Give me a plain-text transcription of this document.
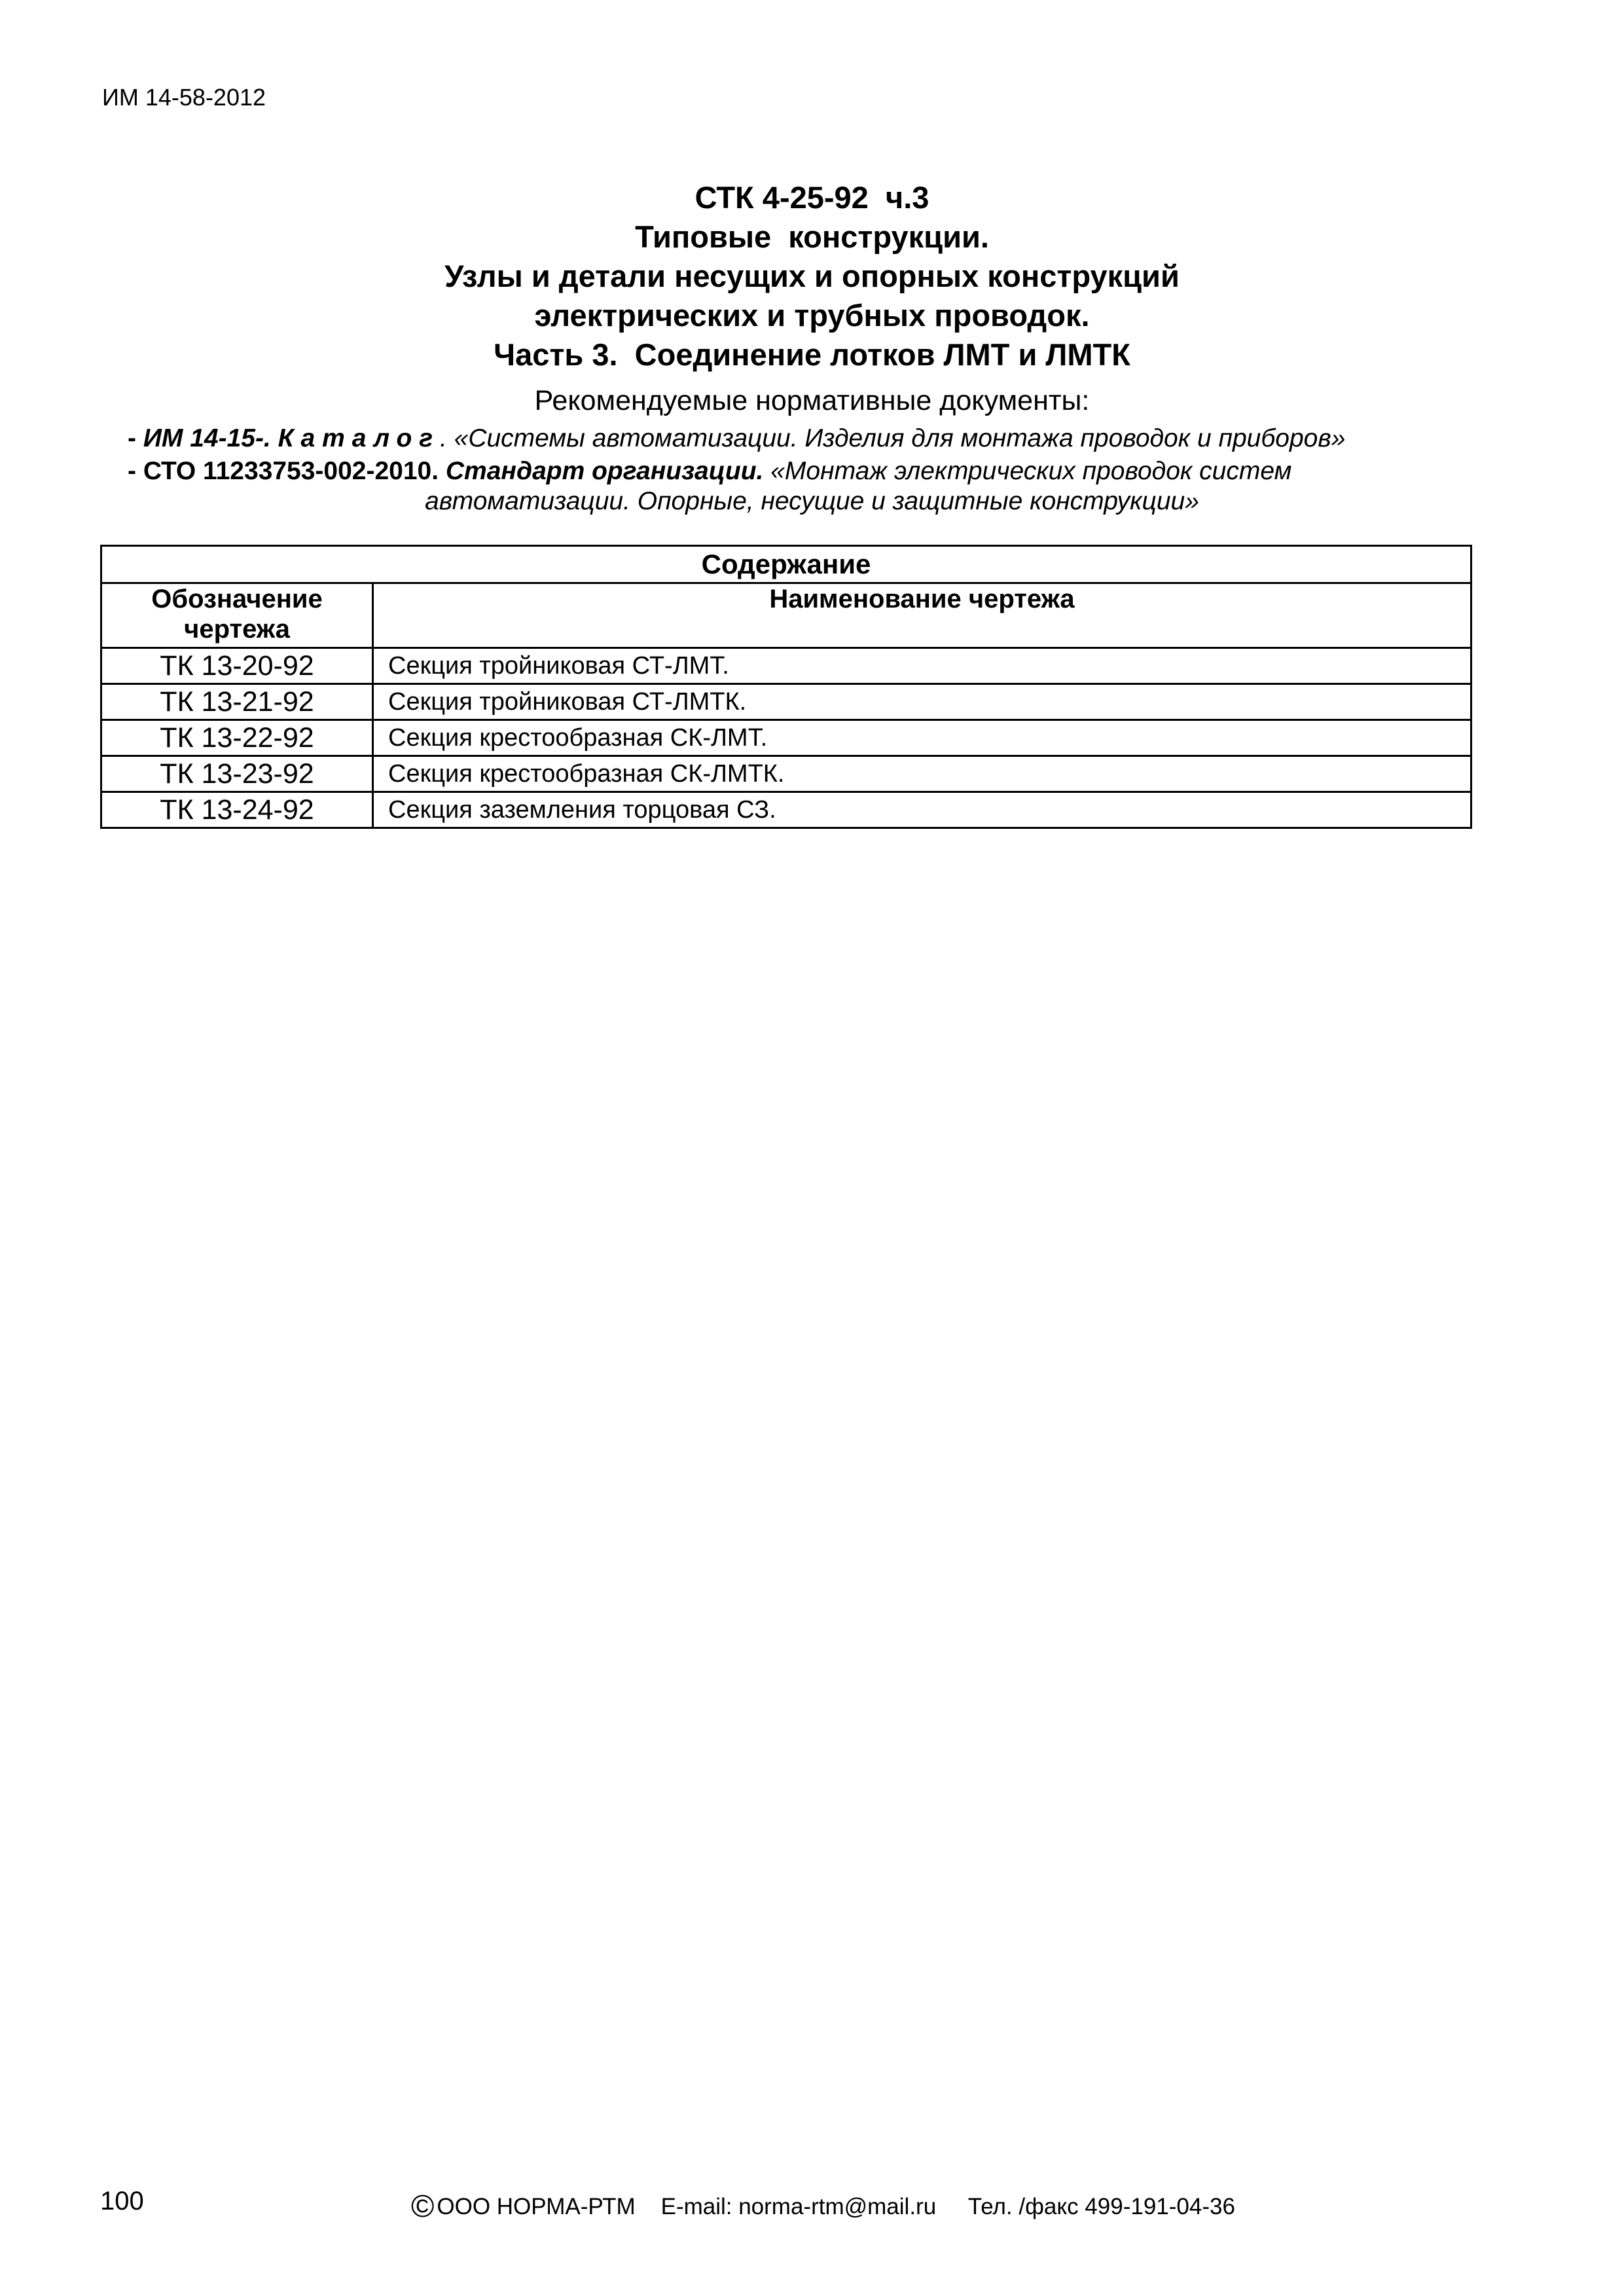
ИМ 14-58-2012
СТК 4-25-92  ч.3
Типовые  конструкции.
Узлы и детали несущих и опорных конструкций
электрических и трубных проводок.
Часть 3.  Соединение лотков ЛМТ и ЛМТК
Рекомендуемые нормативные документы:
- ИМ 14-15-. Каталог. «Системы автоматизации. Изделия для монтажа проводок и приборов»
- СТО 11233753-002-2010. Стандарт организации. «Монтаж электрических проводок систем
автоматизации. Опорные, несущие и защитные конструкции»
Содержание	
Обозначение чертежа	Наименование чертежа
ТК 13-20-92	Секция тройниковая СТ-ЛМТ.
ТК 13-21-92	Секция тройниковая СТ-ЛМТК.
ТК 13-22-92	Секция крестообразная СК-ЛМТ.
ТК 13-23-92	Секция крестообразная СК-ЛМТК.
ТК 13-24-92	Секция заземления торцовая СЗ.
100	© ООО НОРМА-РТМ E-mail: norma-rtm@mail.ru Тел. /факс 499-191-04-36
